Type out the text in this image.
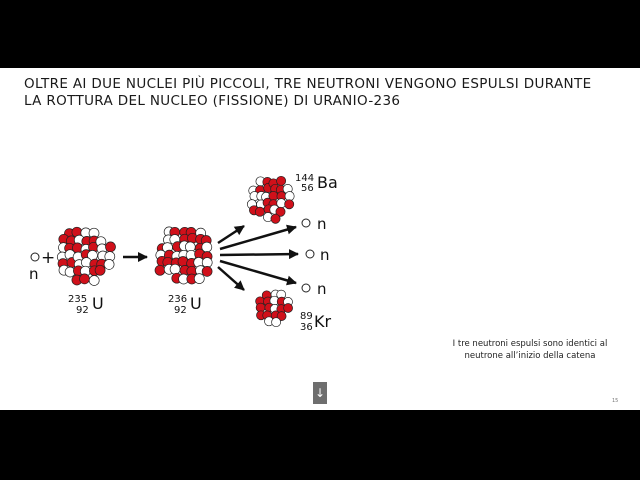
OLTRE AI DUE NUCLEI PIÙ PICCOLI, TRE NEUTRONI VENGONO ESPULSI DURANTE LA ROTTURA DEL NUCLEO (FISSIONE) DI URANIO-236
n
+
n
n
n
235
92 U	236
92 U
144
56 Ba
89
36 Kr
I tre neutroni espulsi sono identici al neutrone all’inizio della catena
↓
15
